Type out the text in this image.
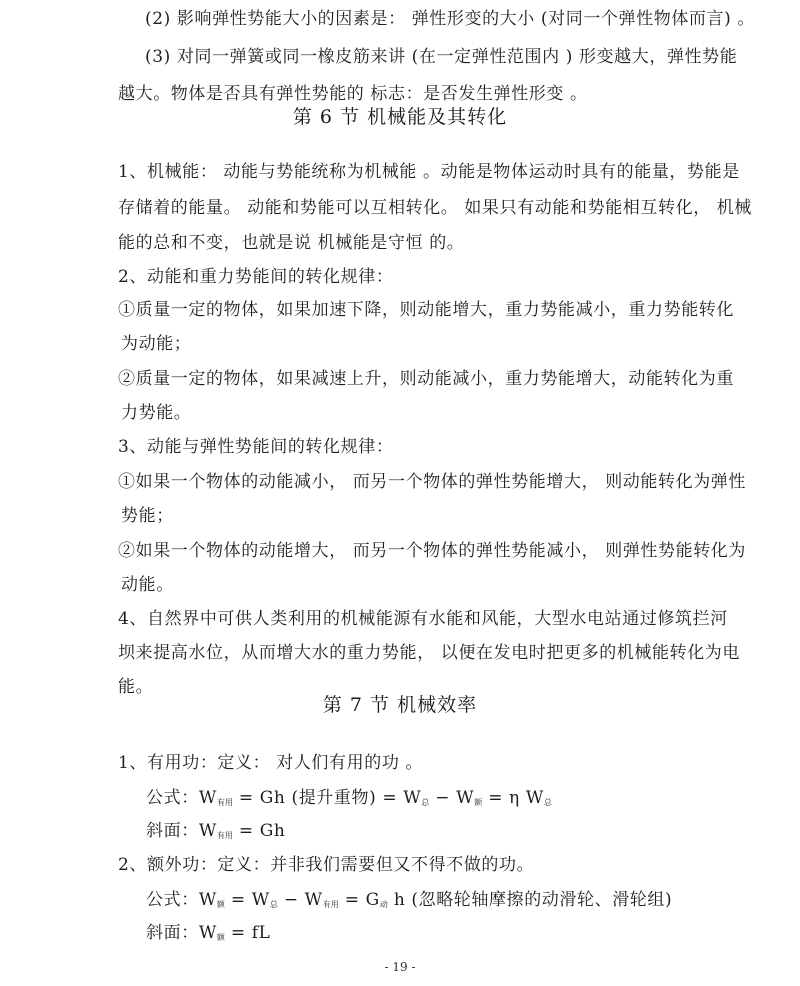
(2) 影响弹性势能大小的因素是： 弹性形变的大小 (对同一个弹性物体而言) 。
(3) 对同一弹簧或同一橡皮筋来讲 (在一定弹性范围内 ) 形变越大，弹性势能
越大。物体是否具有弹性势能的 标志：是否发生弹性形变 。
第 6 节 机械能及其转化
1、机械能： 动能与势能统称为机械能 。动能是物体运动时具有的能量，势能是
存储着的能量。 动能和势能可以互相转化。 如果只有动能和势能相互转化， 机械
能的总和不变，也就是说 机械能是守恒 的。
2、动能和重力势能间的转化规律：
①质量一定的物体，如果加速下降，则动能增大，重力势能减小，重力势能转化
为动能；
②质量一定的物体，如果减速上升，则动能减小，重力势能增大，动能转化为重
力势能。
3、动能与弹性势能间的转化规律：
①如果一个物体的动能减小， 而另一个物体的弹性势能增大， 则动能转化为弹性
势能；
②如果一个物体的动能增大， 而另一个物体的弹性势能减小， 则弹性势能转化为
动能。
4、自然界中可供人类利用的机械能源有水能和风能，大型水电站通过修筑拦河
坝来提高水位，从而增大水的重力势能， 以便在发电时把更多的机械能转化为电
能。
第 7 节 机械效率
1、有用功：定义： 对人们有用的功 。
公式：$W_{有用} = Gh$ (提升重物) = $W_总 - W_额 = \eta$ $W_总$
斜面：$W_{有用} = Gh$
2、额外功：定义：并非我们需要但又不得不做的功。
公式：$W_额 = W_总 - W_{有用} = G_动$ h (忽略轮轴摩擦的动滑轮、滑轮组)
斜面：$W_额$ = fL
- 19 -
